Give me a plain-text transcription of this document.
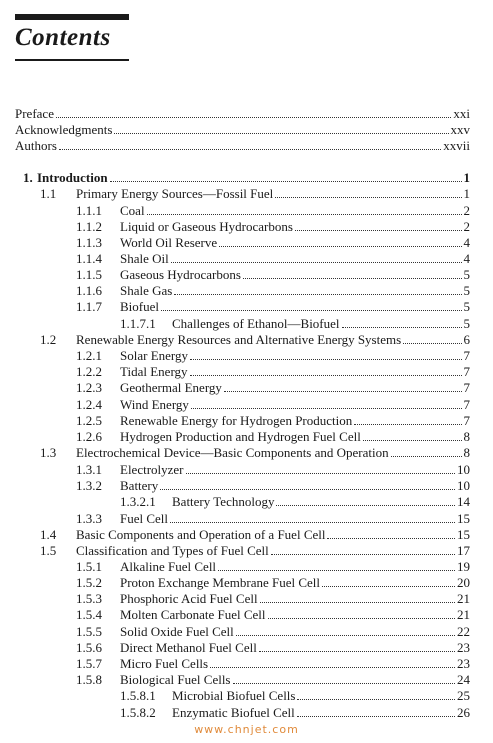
Contents
Preface	xxi
Acknowledgments	xxv
Authors	xxvii
1. Introduction	1
1.1	Primary Energy Sources—Fossil Fuel	1
1.1.1	Coal	2
1.1.2	Liquid or Gaseous Hydrocarbons	2
1.1.3	World Oil Reserve	4
1.1.4	Shale Oil	4
1.1.5	Gaseous Hydrocarbons	5
1.1.6	Shale Gas	5
1.1.7	Biofuel	5
1.1.7.1	Challenges of Ethanol—Biofuel	5
1.2	Renewable Energy Resources and Alternative Energy Systems	6
1.2.1	Solar Energy	7
1.2.2	Tidal Energy	7
1.2.3	Geothermal Energy	7
1.2.4	Wind Energy	7
1.2.5	Renewable Energy for Hydrogen Production	7
1.2.6	Hydrogen Production and Hydrogen Fuel Cell	8
1.3	Electrochemical Device—Basic Components and Operation	8
1.3.1	Electrolyzer	10
1.3.2	Battery	10
1.3.2.1	Battery Technology	14
1.3.3	Fuel Cell	15
1.4	Basic Components and Operation of a Fuel Cell	15
1.5	Classification and Types of Fuel Cell	17
1.5.1	Alkaline Fuel Cell	19
1.5.2	Proton Exchange Membrane Fuel Cell	20
1.5.3	Phosphoric Acid Fuel Cell	21
1.5.4	Molten Carbonate Fuel Cell	21
1.5.5	Solid Oxide Fuel Cell	22
1.5.6	Direct Methanol Fuel Cell	23
1.5.7	Micro Fuel Cells	23
1.5.8	Biological Fuel Cells	24
1.5.8.1	Microbial Biofuel Cells	25
1.5.8.2	Enzymatic Biofuel Cell	26
www.chnjet.com
